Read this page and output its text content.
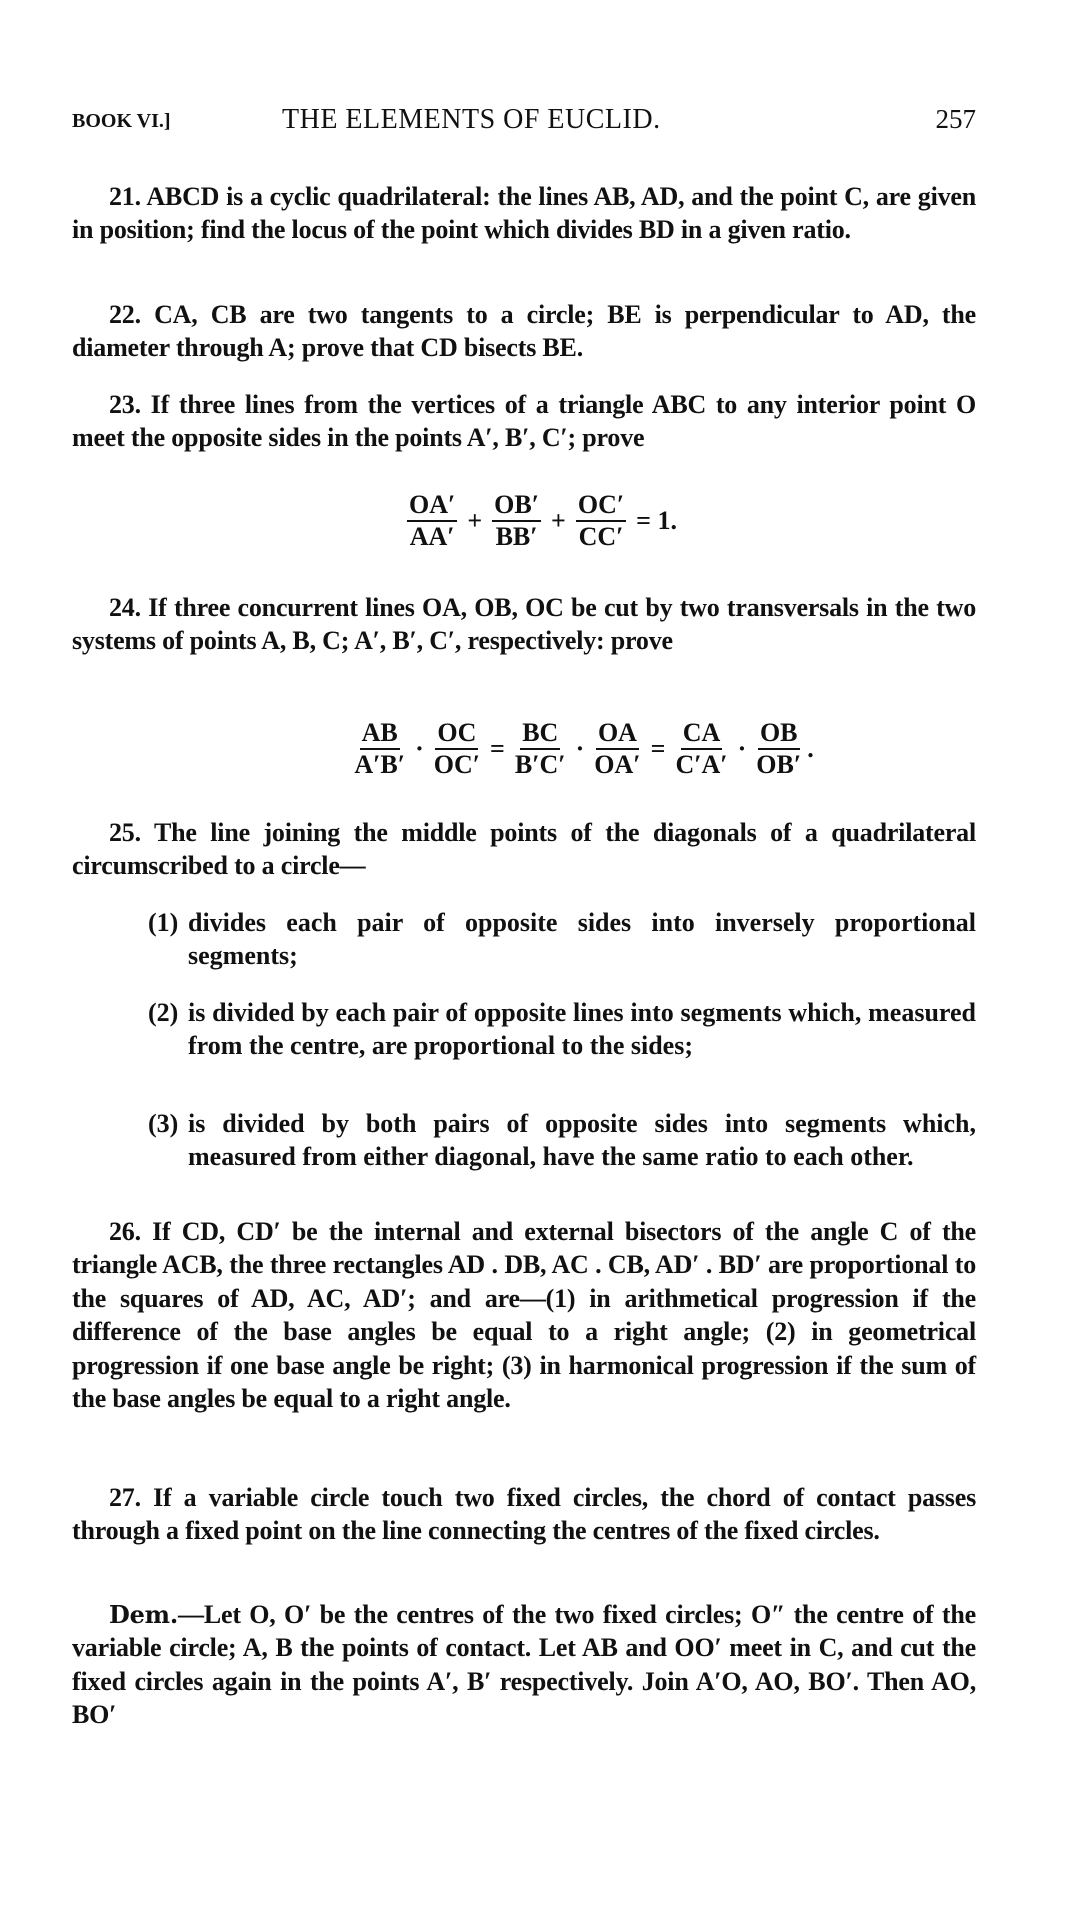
BOOK VI.]	THE ELEMENTS OF EUCLID.	257

21. ABCD is a cyclic quadrilateral: the lines AB, AD, and the point C, are given in position; find the locus of the point which divides BD in a given ratio.

22. CA, CB are two tangents to a circle; BE is perpendicular to AD, the diameter through A; prove that CD bisects BE.

23. If three lines from the vertices of a triangle ABC to any interior point O meet the opposite sides in the points A′, B′, C′; prove

$\frac{OA'}{AA'} + \frac{OB'}{BB'} + \frac{OC'}{CC'} = 1$.

24. If three concurrent lines OA, OB, OC be cut by two transversals in the two systems of points A, B, C; A′, B′, C′, respectively: prove

$\frac{AB}{A'B'} \cdot \frac{OC}{OC'} = \frac{BC}{B'C'} \cdot \frac{OA}{OA'} = \frac{CA}{C'A'} \cdot \frac{OB}{OB'}$ .

25. The line joining the middle points of the diagonals of a quadrilateral circumscribed to a circle—

(1) divides each pair of opposite sides into inversely proportional segments;
(2) is divided by each pair of opposite lines into segments which, measured from the centre, are proportional to the sides;
(3) is divided by both pairs of opposite sides into segments which, measured from either diagonal, have the same ratio to each other.

26. If CD, CD′ be the internal and external bisectors of the angle C of the triangle ACB, the three rectangles AD . DB, AC . CB, AD′ . BD′ are proportional to the squares of AD, AC, AD′; and are—(1) in arithmetical progression if the difference of the base angles be equal to a right angle; (2) in geometrical progression if one base angle be right; (3) in harmonical progression if the sum of the base angles be equal to a right angle.

27. If a variable circle touch two fixed circles, the chord of contact passes through a fixed point on the line connecting the centres of the fixed circles.

Dem.—Let O, O′ be the centres of the two fixed circles; O″ the centre of the variable circle; A, B the points of contact. Let AB and OO′ meet in C, and cut the fixed circles again in the points A′, B′ respectively. Join A′O, AO, BO′. Then AO, BO′
